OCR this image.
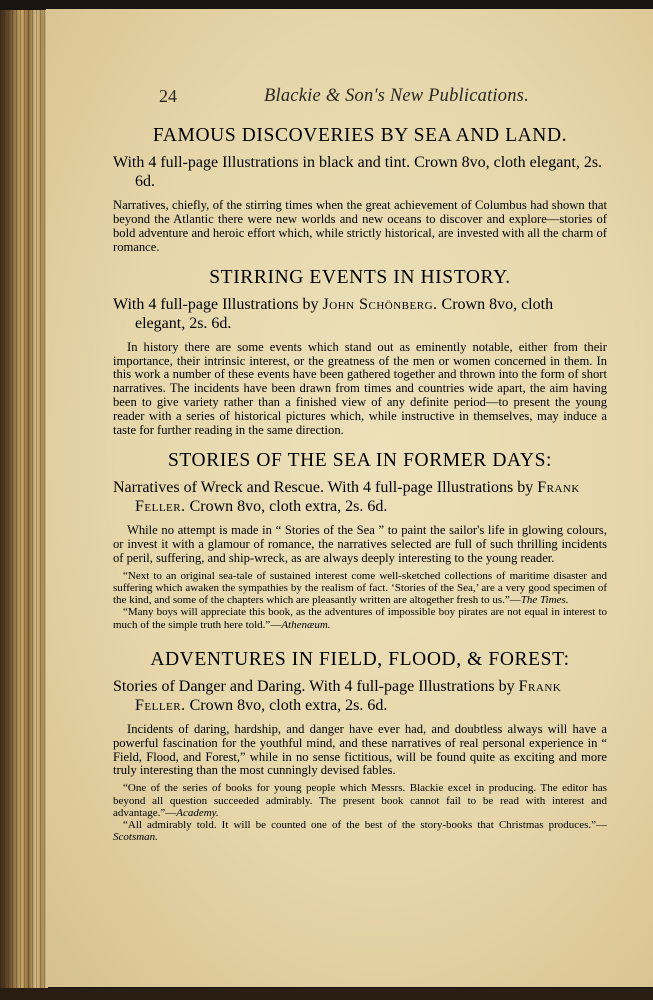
24	Blackie & Son's New Publications.
FAMOUS DISCOVERIES BY SEA AND LAND.

With 4 full-page Illustrations in black and tint. Crown 8vo, cloth elegant, 2s. 6d.

Narratives, chiefly, of the stirring times when the great achievement of Columbus had shown that beyond the Atlantic there were new worlds and new oceans to discover and explore—stories of bold adventure and heroic effort which, while strictly historical, are invested with all the charm of romance.

STIRRING EVENTS IN HISTORY.

With 4 full-page Illustrations by John Schönberg. Crown 8vo, cloth elegant, 2s. 6d.

In history there are some events which stand out as eminently notable, either from their importance, their intrinsic interest, or the greatness of the men or women concerned in them. In this work a number of these events have been gathered together and thrown into the form of short narratives. The incidents have been drawn from times and countries wide apart, the aim having been to give variety rather than a finished view of any definite period—to present the young reader with a series of historical pictures which, while instructive in themselves, may induce a taste for further reading in the same direction.

STORIES OF THE SEA IN FORMER DAYS:

Narratives of Wreck and Rescue. With 4 full-page Illustrations by Frank Feller. Crown 8vo, cloth extra, 2s. 6d.

While no attempt is made in “ Stories of the Sea ” to paint the sailor's life in glowing colours, or invest it with a glamour of romance, the narratives selected are full of such thrilling incidents of peril, suffering, and ship-wreck, as are always deeply interesting to the young reader.

“Next to an original sea-tale of sustained interest come well-sketched collections of maritime disaster and suffering which awaken the sympathies by the realism of fact. ‘Stories of the Sea,’ are a very good specimen of the kind, and some of the chapters which are pleasantly written are altogether fresh to us.”—The Times.

“Many boys will appreciate this book, as the adventures of impossible boy pirates are not equal in interest to much of the simple truth here told.”—Athenæum.

ADVENTURES IN FIELD, FLOOD, & FOREST:

Stories of Danger and Daring. With 4 full-page Illustrations by Frank Feller. Crown 8vo, cloth extra, 2s. 6d.

Incidents of daring, hardship, and danger have ever had, and doubtless always will have a powerful fascination for the youthful mind, and these narratives of real personal experience in “ Field, Flood, and Forest,” while in no sense fictitious, will be found quite as exciting and more truly interesting than the most cunningly devised fables.

“One of the series of books for young people which Messrs. Blackie excel in producing. The editor has beyond all question succeeded admirably. The present book cannot fail to be read with interest and advantage.”—Academy.

“All admirably told. It will be counted one of the best of the story-books that Christmas produces.”—Scotsman.
